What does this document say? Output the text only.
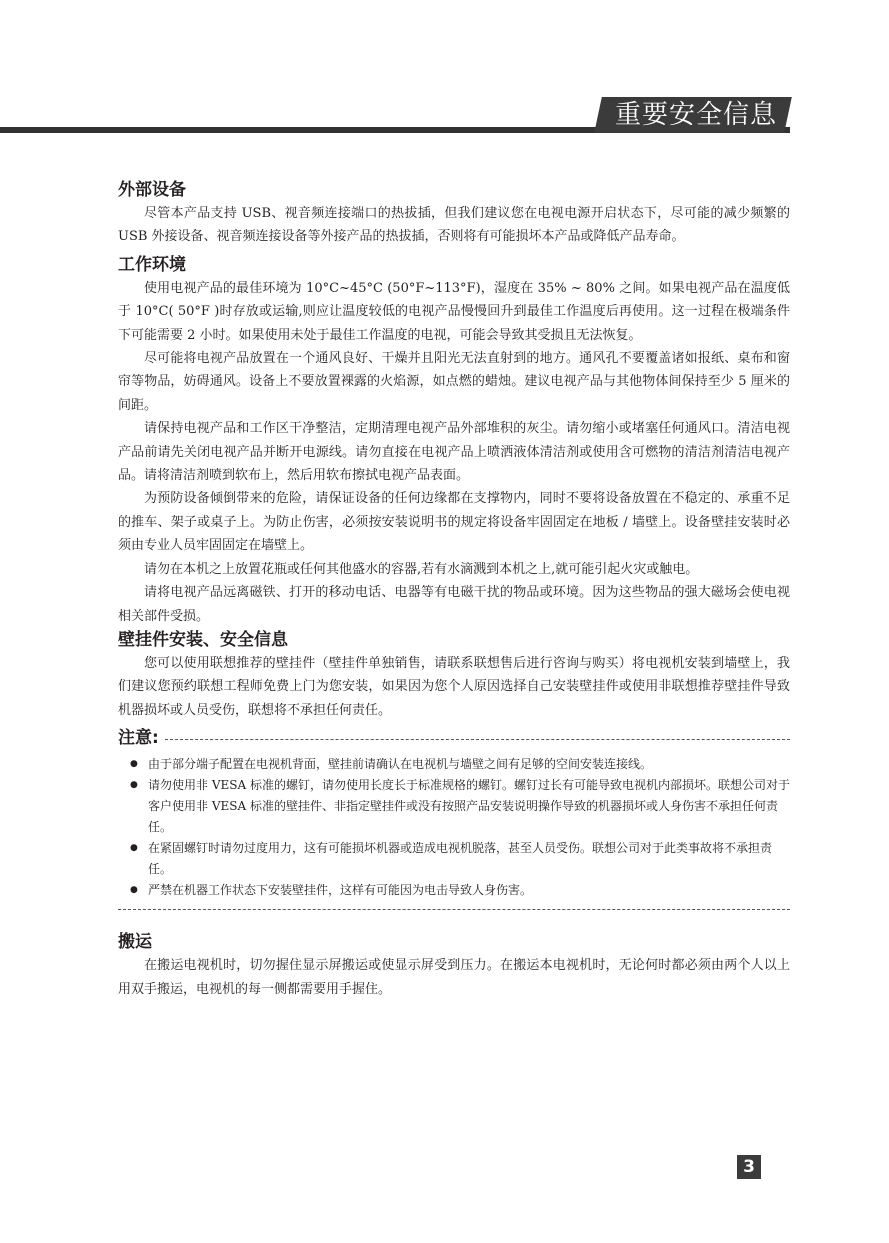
重要安全信息
外部设备

尽管本产品支持 USB、视音频连接端口的热拔插，但我们建议您在电视电源开启状态下，尽可能的减少频繁的 USB 外接设备、视音频连接设备等外接产品的热拔插，否则将有可能损坏本产品或降低产品寿命。

工作环境

使用电视产品的最佳环境为 10°C~45°C (50°F~113°F)，湿度在 35% ~ 80% 之间。如果电视产品在温度低于 10°C( 50°F )时存放或运输,则应让温度较低的电视产品慢慢回升到最佳工作温度后再使用。这一过程在极端条件下可能需要 2 小时。如果使用未处于最佳工作温度的电视，可能会导致其受损且无法恢复。

尽可能将电视产品放置在一个通风良好、干燥并且阳光无法直射到的地方。通风孔不要覆盖诸如报纸、桌布和窗帘等物品，妨碍通风。设备上不要放置裸露的火焰源，如点燃的蜡烛。建议电视产品与其他物体间保持至少 5 厘米的间距。

请保持电视产品和工作区干净整洁，定期清理电视产品外部堆积的灰尘。请勿缩小或堵塞任何通风口。清洁电视产品前请先关闭电视产品并断开电源线。请勿直接在电视产品上喷洒液体清洁剂或使用含可燃物的清洁剂清洁电视产品。请将清洁剂喷到软布上，然后用软布擦拭电视产品表面。

为预防设备倾倒带来的危险，请保证设备的任何边缘都在支撑物内，同时不要将设备放置在不稳定的、承重不足的推车、架子或桌子上。为防止伤害，必须按安装说明书的规定将设备牢固固定在地板 / 墙壁上。设备壁挂安装时必须由专业人员牢固固定在墙壁上。

请勿在本机之上放置花瓶或任何其他盛水的容器,若有水滴溅到本机之上,就可能引起火灾或触电。

请将电视产品远离磁铁、打开的移动电话、电器等有电磁干扰的物品或环境。因为这些物品的强大磁场会使电视相关部件受损。

壁挂件安装、安全信息

您可以使用联想推荐的壁挂件（壁挂件单独销售，请联系联想售后进行咨询与购买）将电视机安装到墙壁上，我们建议您预约联想工程师免费上门为您安装，如果因为您个人原因选择自己安装壁挂件或使用非联想推荐壁挂件导致机器损坏或人员受伤，联想将不承担任何责任。

注意:
● 由于部分端子配置在电视机背面，壁挂前请确认在电视机与墙壁之间有足够的空间安装连接线。
● 请勿使用非 VESA 标准的螺钉，请勿使用长度长于标准规格的螺钉。螺钉过长有可能导致电视机内部损坏。联想公司对于客户使用非 VESA 标准的壁挂件、非指定壁挂件或没有按照产品安装说明操作导致的机器损坏或人身伤害不承担任何责任。
● 在紧固螺钉时请勿过度用力，这有可能损坏机器或造成电视机脱落，甚至人员受伤。联想公司对于此类事故将不承担责任。
● 严禁在机器工作状态下安装壁挂件，这样有可能因为电击导致人身伤害。
搬运

在搬运电视机时，切勿握住显示屏搬运或使显示屏受到压力。在搬运本电视机时，无论何时都必须由两个人以上用双手搬运，电视机的每一侧都需要用手握住。

3
